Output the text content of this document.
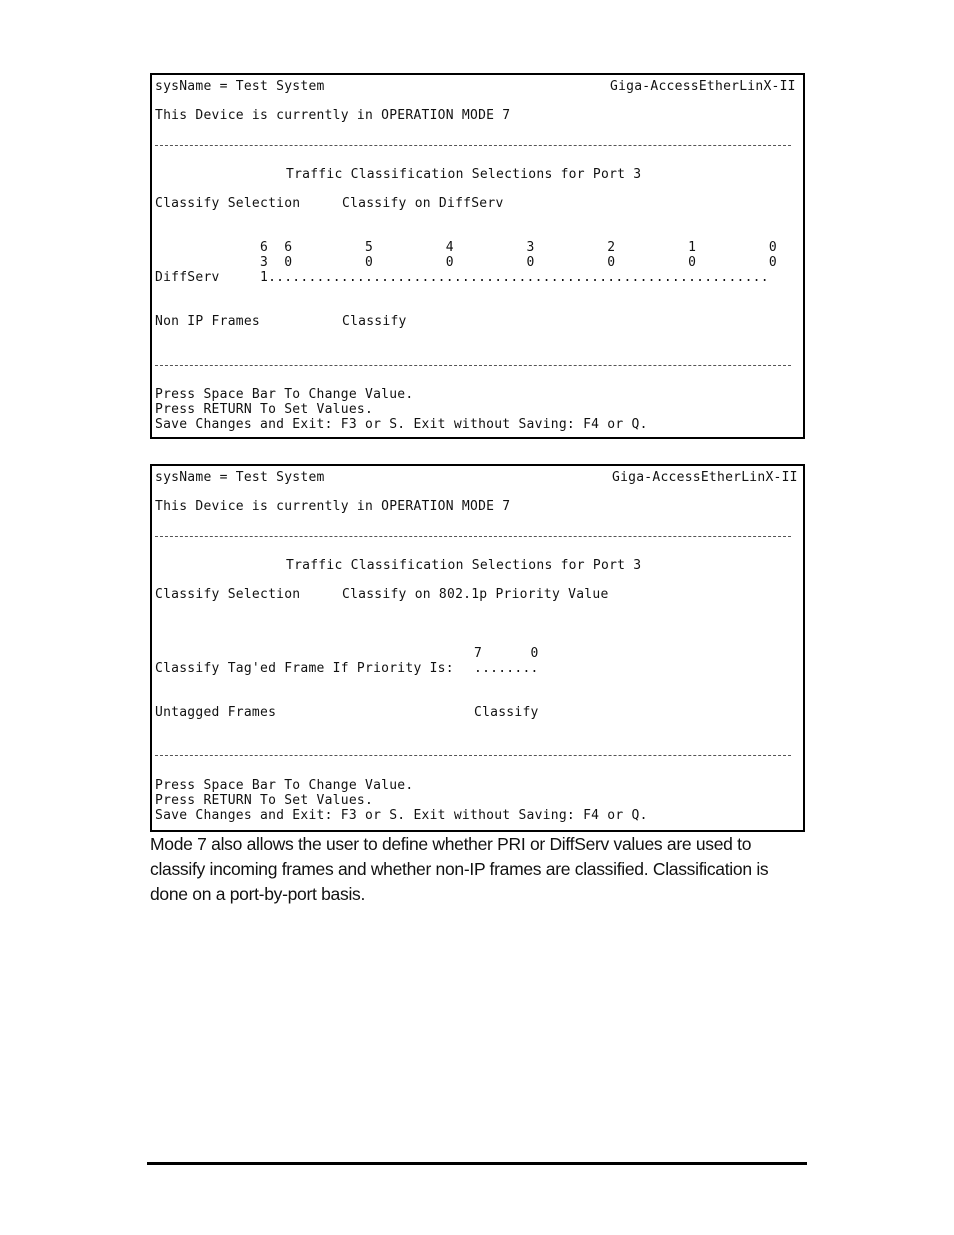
sysName = Test System	Giga-AccessEtherLinX-II
This Device is currently in OPERATION MODE 7
Traffic Classification Selections for Port 3
Classify Selection	Classify on DiffServ
6  6         5         4         3         2         1         0
3  0         0         0         0         0         0         0
DiffServ	1..............................................................
Non IP Frames	Classify
Press Space Bar To Change Value.
Press RETURN To Set Values.
Save Changes and Exit: F3 or S. Exit without Saving: F4 or Q.
sysName = Test System	Giga-AccessEtherLinX-II
This Device is currently in OPERATION MODE 7
Traffic Classification Selections for Port 3
Classify Selection	Classify on 802.1p Priority Value
7      0
Classify Tag'ed Frame If Priority Is: ........
Untagged Frames	Classify
Press Space Bar To Change Value.
Press RETURN To Set Values.
Save Changes and Exit: F3 or S. Exit without Saving: F4 or Q.
Mode 7 also allows the user to define whether PRI or DiffServ values are used to
classify incoming frames and whether non-IP frames are classified. Classification is
done on a port-by-port basis.
